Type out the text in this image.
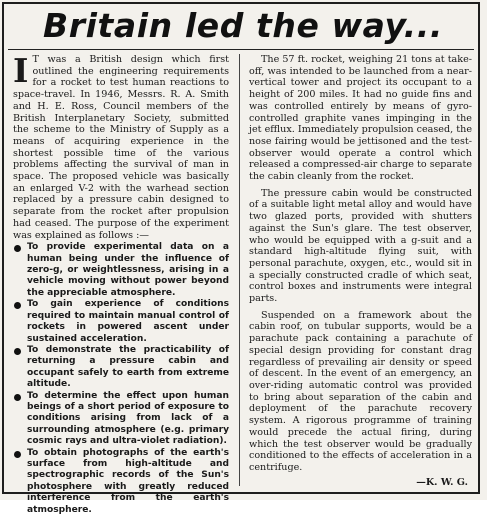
Britain led the way...

I T was a British design which first outlined the engineering requirements for a rocket to test human reactions to space-travel. In 1946, Messrs. R. A. Smith and H. E. Ross, Council members of the British Interplanetary Society, submitted the scheme to the Ministry of Supply as a means of acquiring experience in the shortest possible time of the various problems affecting the survival of man in space. The proposed vehicle was basically an enlarged V-2 with the warhead section replaced by a pressure cabin designed to separate from the rocket after propulsion had ceased. The purpose of the experiment was explained as follows :—

To provide experimental data on a human being under the influence of zero-g, or weightlessness, arising in a vehicle moving without power beyond the appreciable atmosphere.
To gain experience of conditions required to maintain manual control of rockets in powered ascent under sustained acceleration.
To demonstrate the practicability of returning a pressure cabin and occupant safely to earth from extreme altitude.
To determine the effect upon human beings of a short period of exposure to conditions arising from lack of a surrounding atmosphere (e.g. primary cosmic rays and ultra-violet radiation).
To obtain photographs of the earth's surface from high-altitude and spectrographic records of the Sun's photosphere with greatly reduced interference from the earth's atmosphere.

The 57 ft. rocket, weighing 21 tons at take-off, was intended to be launched from a near-vertical tower and project its occupant to a height of 200 miles. It had no guide fins and was controlled entirely by means of gyro-controlled graphite vanes impinging in the jet efflux. Immediately propulsion ceased, the nose fairing would be jettisoned and the test-observer would operate a control which released a compressed-air charge to separate the cabin cleanly from the rocket.

The pressure cabin would be constructed of a suitable light metal alloy and would have two glazed ports, provided with shutters against the Sun's glare. The test observer, who would be equipped with a g-suit and a standard high-altitude flying suit, with personal parachute, oxygen, etc., would sit in a specially constructed cradle of which seat, control boxes and instruments were integral parts.

Suspended on a framework about the cabin roof, on tubular supports, would be a parachute pack containing a parachute of special design providing for constant drag regardless of prevailing air density or speed of descent. In the event of an emergency, an over-riding automatic control was provided to bring about separation of the cabin and deployment of the parachute recovery system. A rigorous programme of training would precede the actual firing, during which the test observer would be gradually conditioned to the effects of acceleration in a centrifuge.

—K. W. G.
